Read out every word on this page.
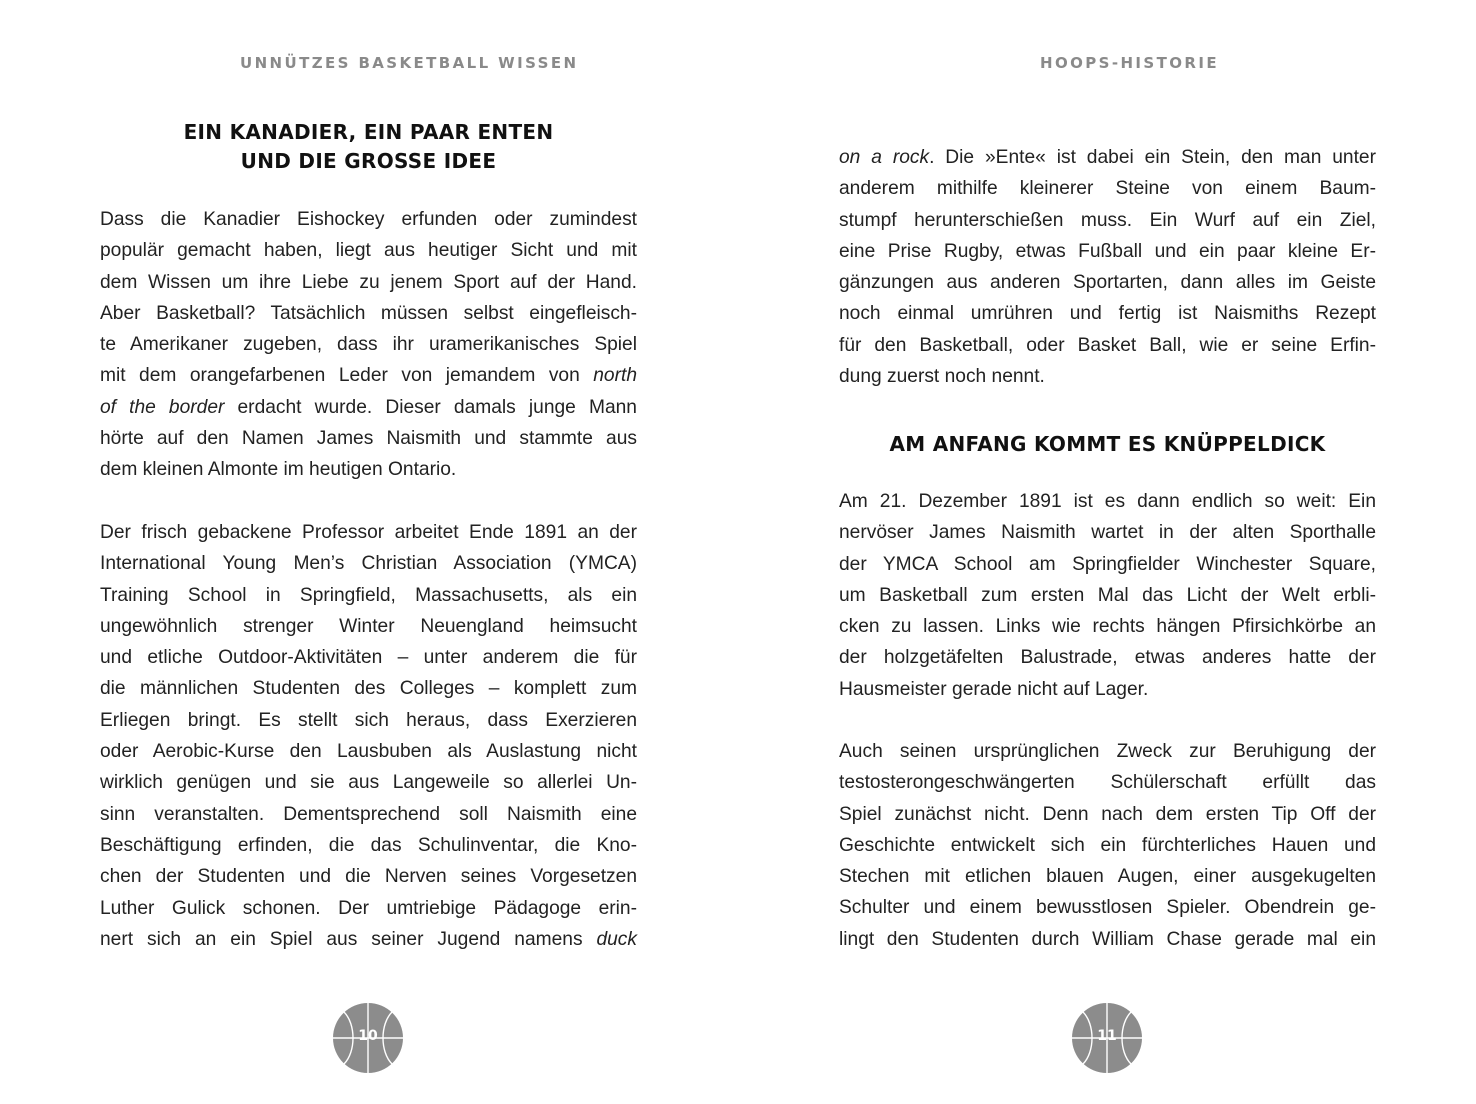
UNNÜTZES BASKETBALL WISSEN
EIN KANADIER, EIN PAAR ENTEN
UND DIE GROSSE IDEE
Dass die Kanadier Eishockey erfunden oder zumindest
populär gemacht haben, liegt aus heutiger Sicht und mit
dem Wissen um ihre Liebe zu jenem Sport auf der Hand.
Aber Basketball? Tatsächlich müssen selbst eingefleisch-
te Amerikaner zugeben, dass ihr uramerikanisches Spiel
mit dem orangefarbenen Leder von jemandem von north
of the border erdacht wurde. Dieser damals junge Mann
hörte auf den Namen James Naismith und stammte aus
dem kleinen Almonte im heutigen Ontario.
Der frisch gebackene Professor arbeitet Ende 1891 an der
International Young Men’s Christian Association (YMCA)
Training School in Springfield, Massachusetts, als ein
ungewöhnlich strenger Winter Neuengland heimsucht
und etliche Outdoor-Aktivitäten – unter anderem die für
die männlichen Studenten des Colleges – komplett zum
Erliegen bringt. Es stellt sich heraus, dass Exerzieren
oder Aerobic-Kurse den Lausbuben als Auslastung nicht
wirklich genügen und sie aus Langeweile so allerlei Un-
sinn veranstalten. Dementsprechend soll Naismith eine
Beschäftigung erfinden, die das Schulinventar, die Kno-
chen der Studenten und die Nerven seines Vorgesetzen
Luther Gulick schonen. Der umtriebige Pädagoge erin-
nert sich an ein Spiel aus seiner Jugend namens duck
10
HOOPS-HISTORIE
on a rock. Die »Ente« ist dabei ein Stein, den man unter
anderem mithilfe kleinerer Steine von einem Baum-
stumpf herunterschießen muss. Ein Wurf auf ein Ziel,
eine Prise Rugby, etwas Fußball und ein paar kleine Er-
gänzungen aus anderen Sportarten, dann alles im Geiste
noch einmal umrühren und fertig ist Naismiths Rezept
für den Basketball, oder Basket Ball, wie er seine Erfin-
dung zuerst noch nennt.
AM ANFANG KOMMT ES KNÜPPELDICK
Am 21. Dezember 1891 ist es dann endlich so weit: Ein
nervöser James Naismith wartet in der alten Sporthalle
der YMCA School am Springfielder Winchester Square,
um Basketball zum ersten Mal das Licht der Welt erbli-
cken zu lassen. Links wie rechts hängen Pfirsichkörbe an
der holzgetäfelten Balustrade, etwas anderes hatte der
Hausmeister gerade nicht auf Lager.
Auch seinen ursprünglichen Zweck zur Beruhigung der
testosterongeschwängerten Schülerschaft erfüllt das
Spiel zunächst nicht. Denn nach dem ersten Tip Off der
Geschichte entwickelt sich ein fürchterliches Hauen und
Stechen mit etlichen blauen Augen, einer ausgekugelten
Schulter und einem bewusstlosen Spieler. Obendrein ge-
lingt den Studenten durch William Chase gerade mal ein
11
